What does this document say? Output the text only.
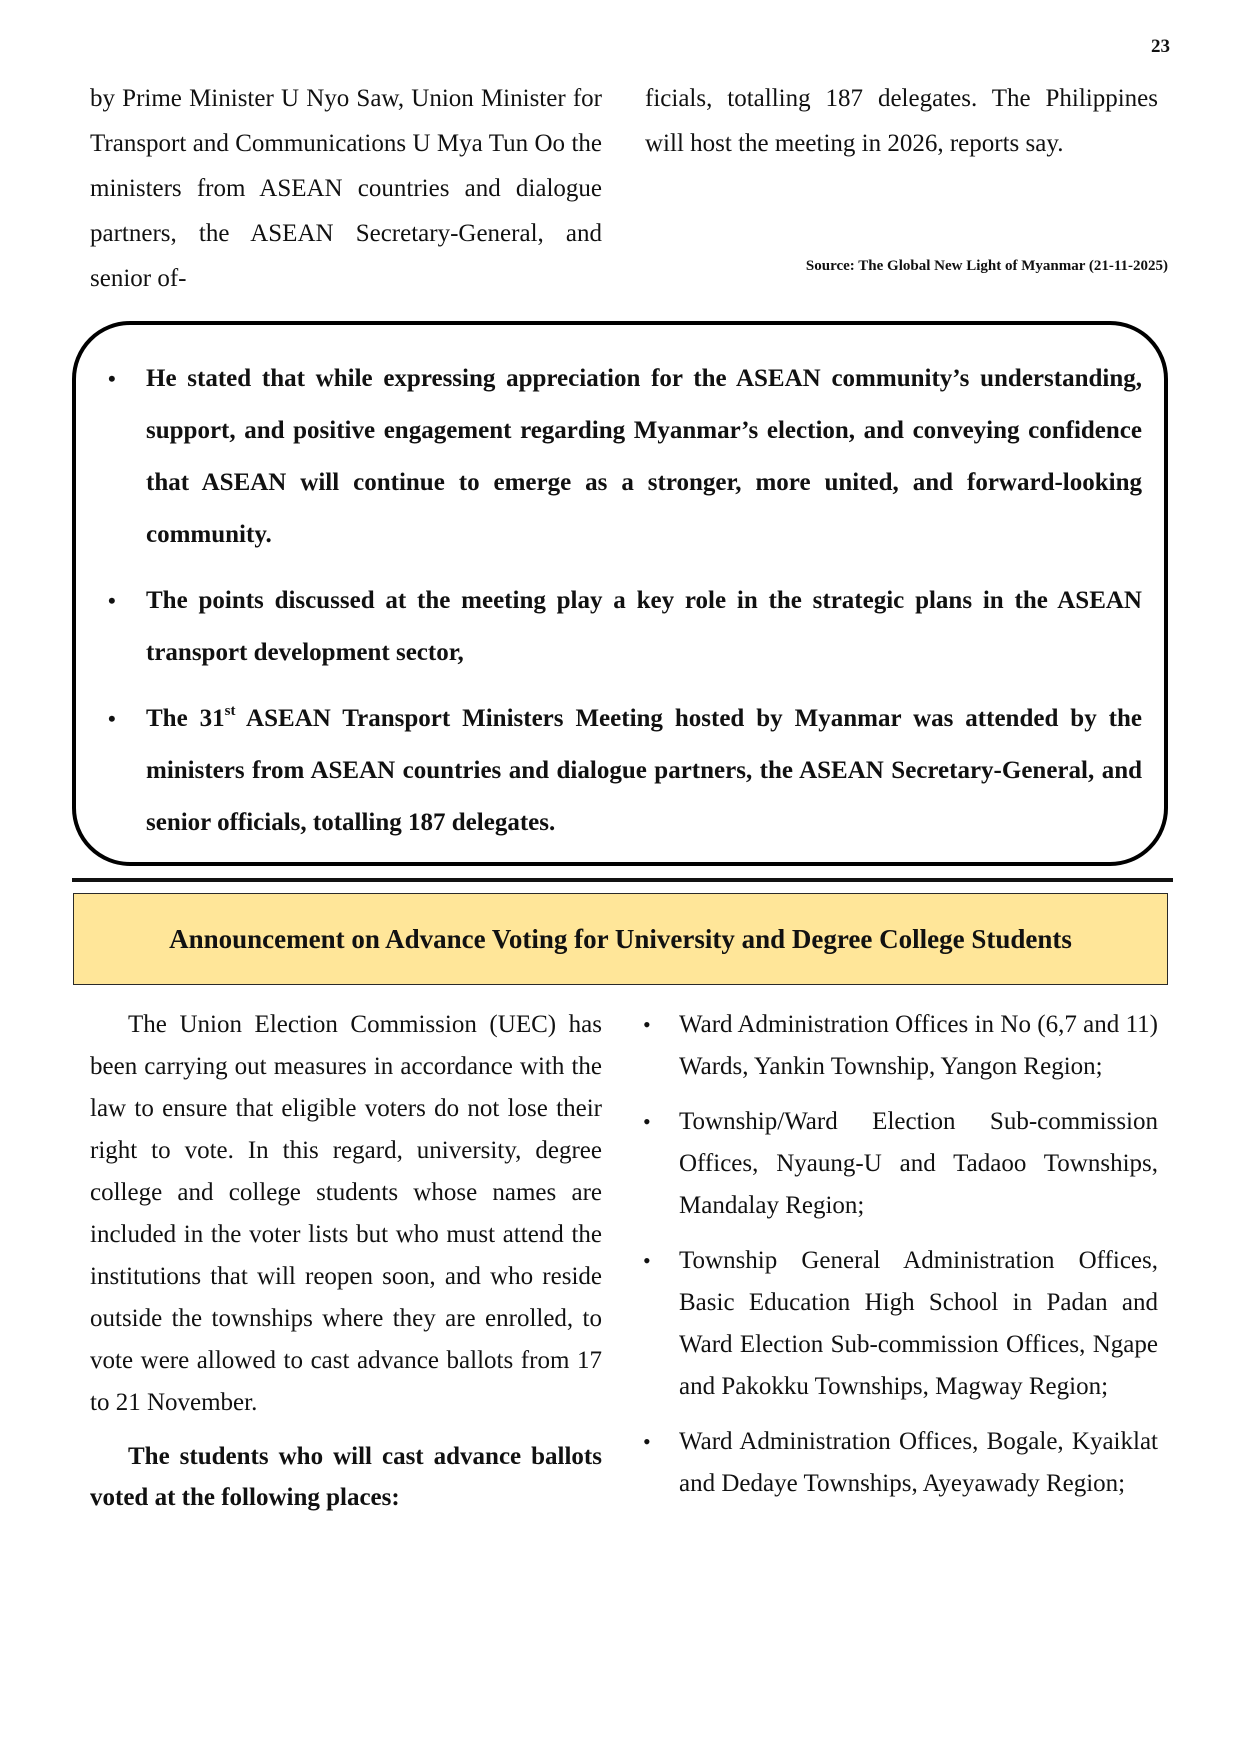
23

by Prime Minister U Nyo Saw, Union Minister for Transport and Communications U Mya Tun Oo the ministers from ASEAN countries and dialogue partners, the ASEAN Secretary-General, and senior of-

ficials, totalling 187 delegates. The Philippines will host the meeting in 2026, reports say.

Source: The Global New Light of Myanmar (21-11-2025)
• He stated that while expressing appreciation for the ASEAN community’s understanding, support, and positive engagement regarding Myanmar’s election, and conveying confidence that ASEAN will continue to emerge as a stronger, more united, and forward-looking community.
• The points discussed at the meeting play a key role in the strategic plans in the ASEAN transport development sector,
• The 31st ASEAN Transport Ministers Meeting hosted by Myanmar was attended by the ministers from ASEAN countries and dialogue partners, the ASEAN Secretary-General, and senior officials, totalling 187 delegates.
Announcement on Advance Voting for University and Degree College Students

The Union Election Commission (UEC) has been carrying out measures in accordance with the law to ensure that eligible voters do not lose their right to vote. In this regard, university, degree college and college students whose names are included in the voter lists but who must attend the institutions that will reopen soon, and who reside outside the townships where they are enrolled, to vote were allowed to cast advance ballots from 17 to 21 November.

The students who will cast advance ballots voted at the following places:

• Ward Administration Offices in No (6,7 and 11) Wards, Yankin Township, Yangon Region;
• Township/Ward Election Sub-commission Offices, Nyaung-U and Tadaoo Townships, Mandalay Region;
• Township General Administration Offices, Basic Education High School in Padan and Ward Election Sub-commission Offices, Ngape and Pakokku Townships, Magway Region;
• Ward Administration Offices, Bogale, Kyaiklat and Dedaye Townships, Ayeyawady Region;
